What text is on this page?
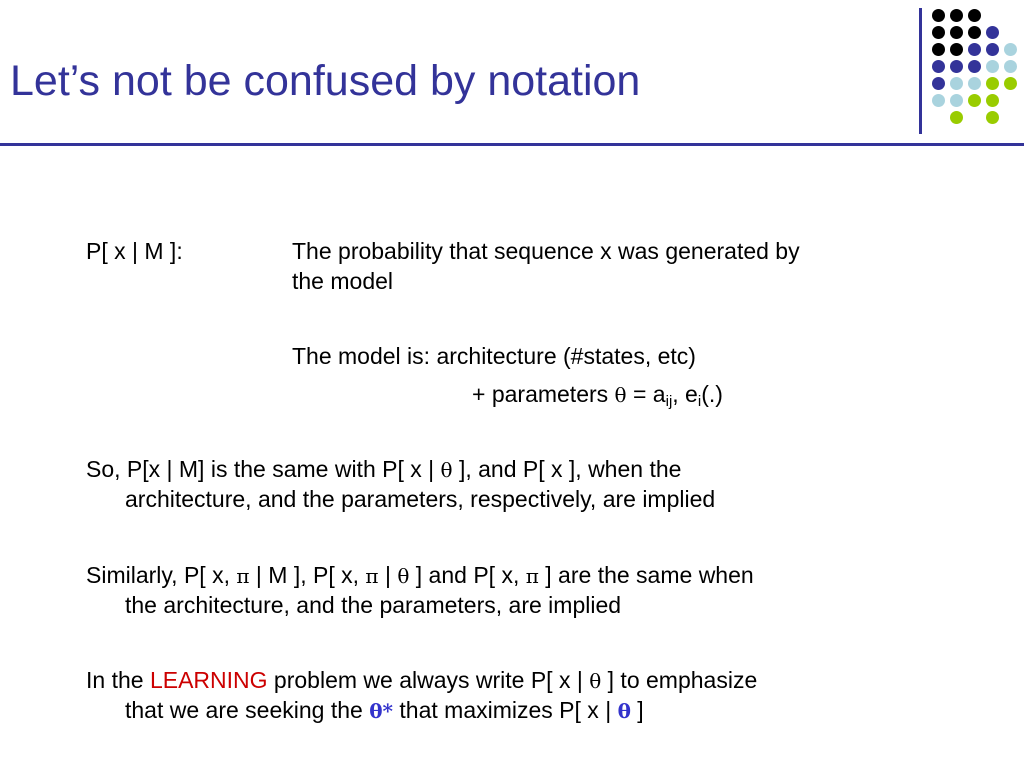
Let’s not be confused by notation
P[ x | M ]:	The probability that sequence x was generated by
the model
The model is: architecture (#states, etc)
+ parameters $\theta = a_{ij}$, $e_i(.)$
So, P[x | M] is the same with P[ x | θ ], and P[ x ], when the
architecture, and the parameters, respectively, are implied
Similarly, P[ x, π | M ], P[ x, π | θ ] and P[ x, π ] are the same when
the architecture, and the parameters, are implied
In the LEARNING problem we always write P[ x | θ ] to emphasize
that we are seeking the θ* that maximizes P[ x | θ ]
